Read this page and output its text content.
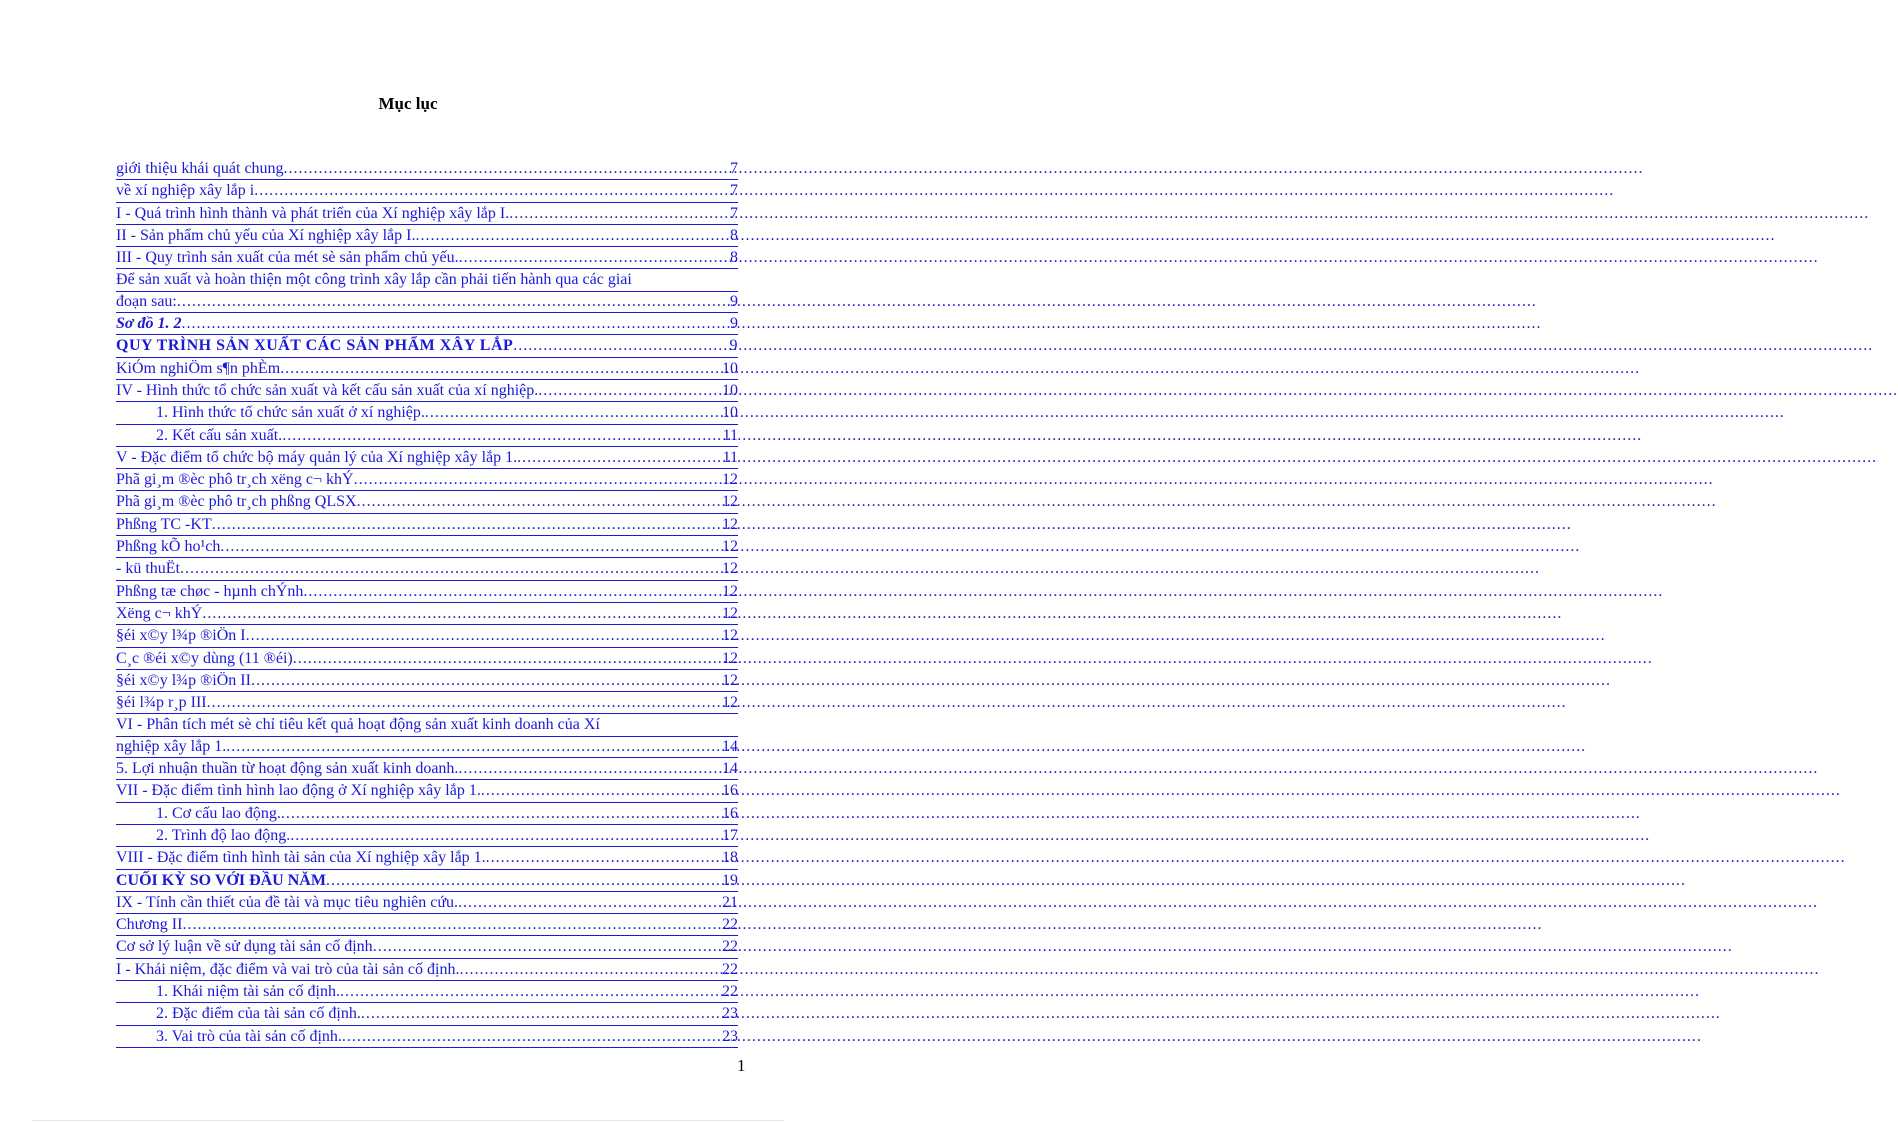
Mục lục
giới thiệu khái quát chung .....	7
về xí nghiệp xây lắp i .....	7
I - Quá trình hình thành và phát triển của Xí nghiệp xây lắp I. .....	7
II - Sản phẩm chủ yếu của Xí nghiệp xây lắp I. .....	8
III - Quy trình sản xuất của mét sè sản phẩm chủ yếu. .....	8
Để sản xuất và hoàn thiện một công trình xây lắp cần phải tiến hành qua các giai
đoạn sau: .....	9
Sơ đồ 1. 2 .....	9
QUY TRÌNH SẢN XUẤT CÁC SẢN PHẨM XÂY LẮP .....	9
KiÓm nghiÖm s¶n phÈm .....	10
IV - Hình thức tổ chức sản xuất và kết cấu sản xuất của xí nghiệp. .....	10
1. Hình thức tổ chức sản xuất ở xí nghiệp. .....	10
2. Kết cấu sản xuất. .....	11
V - Đặc điểm tổ chức bộ máy quản lý của Xí nghiệp xây lắp 1. .....	11
Phã gi¸m ®èc phô tr¸ch xëng c¬ khÝ .....	12
Phã gi¸m ®èc phô tr¸ch phßng QLSX .....	12
Phßng TC -KT .....	12
Phßng kÕ ho¹ch .....	12
- kü thuËt .....	12
Phßng tæ chøc - hµnh chÝnh .....	12
Xëng c¬ khÝ .....	12
§éi x©y l¾p ®iÖn I .....	12
C¸c ®éi x©y dùng (11 ®éi) .....	12
§éi x©y l¾p ®iÖn II .....	12
§éi l¾p r¸p III .....	12
VI - Phân tích mét sè chỉ tiêu kết quả hoạt động sản xuất kinh doanh của Xí
nghiệp xây lắp 1. .....	14
5. Lợi nhuận thuần từ hoạt động sản xuất kinh doanh. .....	14
VII - Đặc điểm tình hình lao động ở Xí nghiệp xây lắp 1. .....	16
1. Cơ cấu lao động. .....	16
2. Trình độ lao động. .....	17
VIII - Đặc điểm tình hình tài sản của Xí nghiệp xây lắp 1. .....	18
CUỐI KỲ SO VỚI ĐẦU NĂM .....	19
IX - Tính cần thiết của đề tài và mục tiêu nghiên cứu. .....	21
Chương II .....	22
Cơ sở lý luận về sử dụng tài sản cố định .....	22
I - Khái niệm, đặc điểm và vai trò của tài sản cố định. .....	22
1. Khái niệm tài sản cố định. .....	22
2. Đặc điểm của tài sản cố định. .....	23
3. Vai trò của tài sản cố định. .....	23
1
